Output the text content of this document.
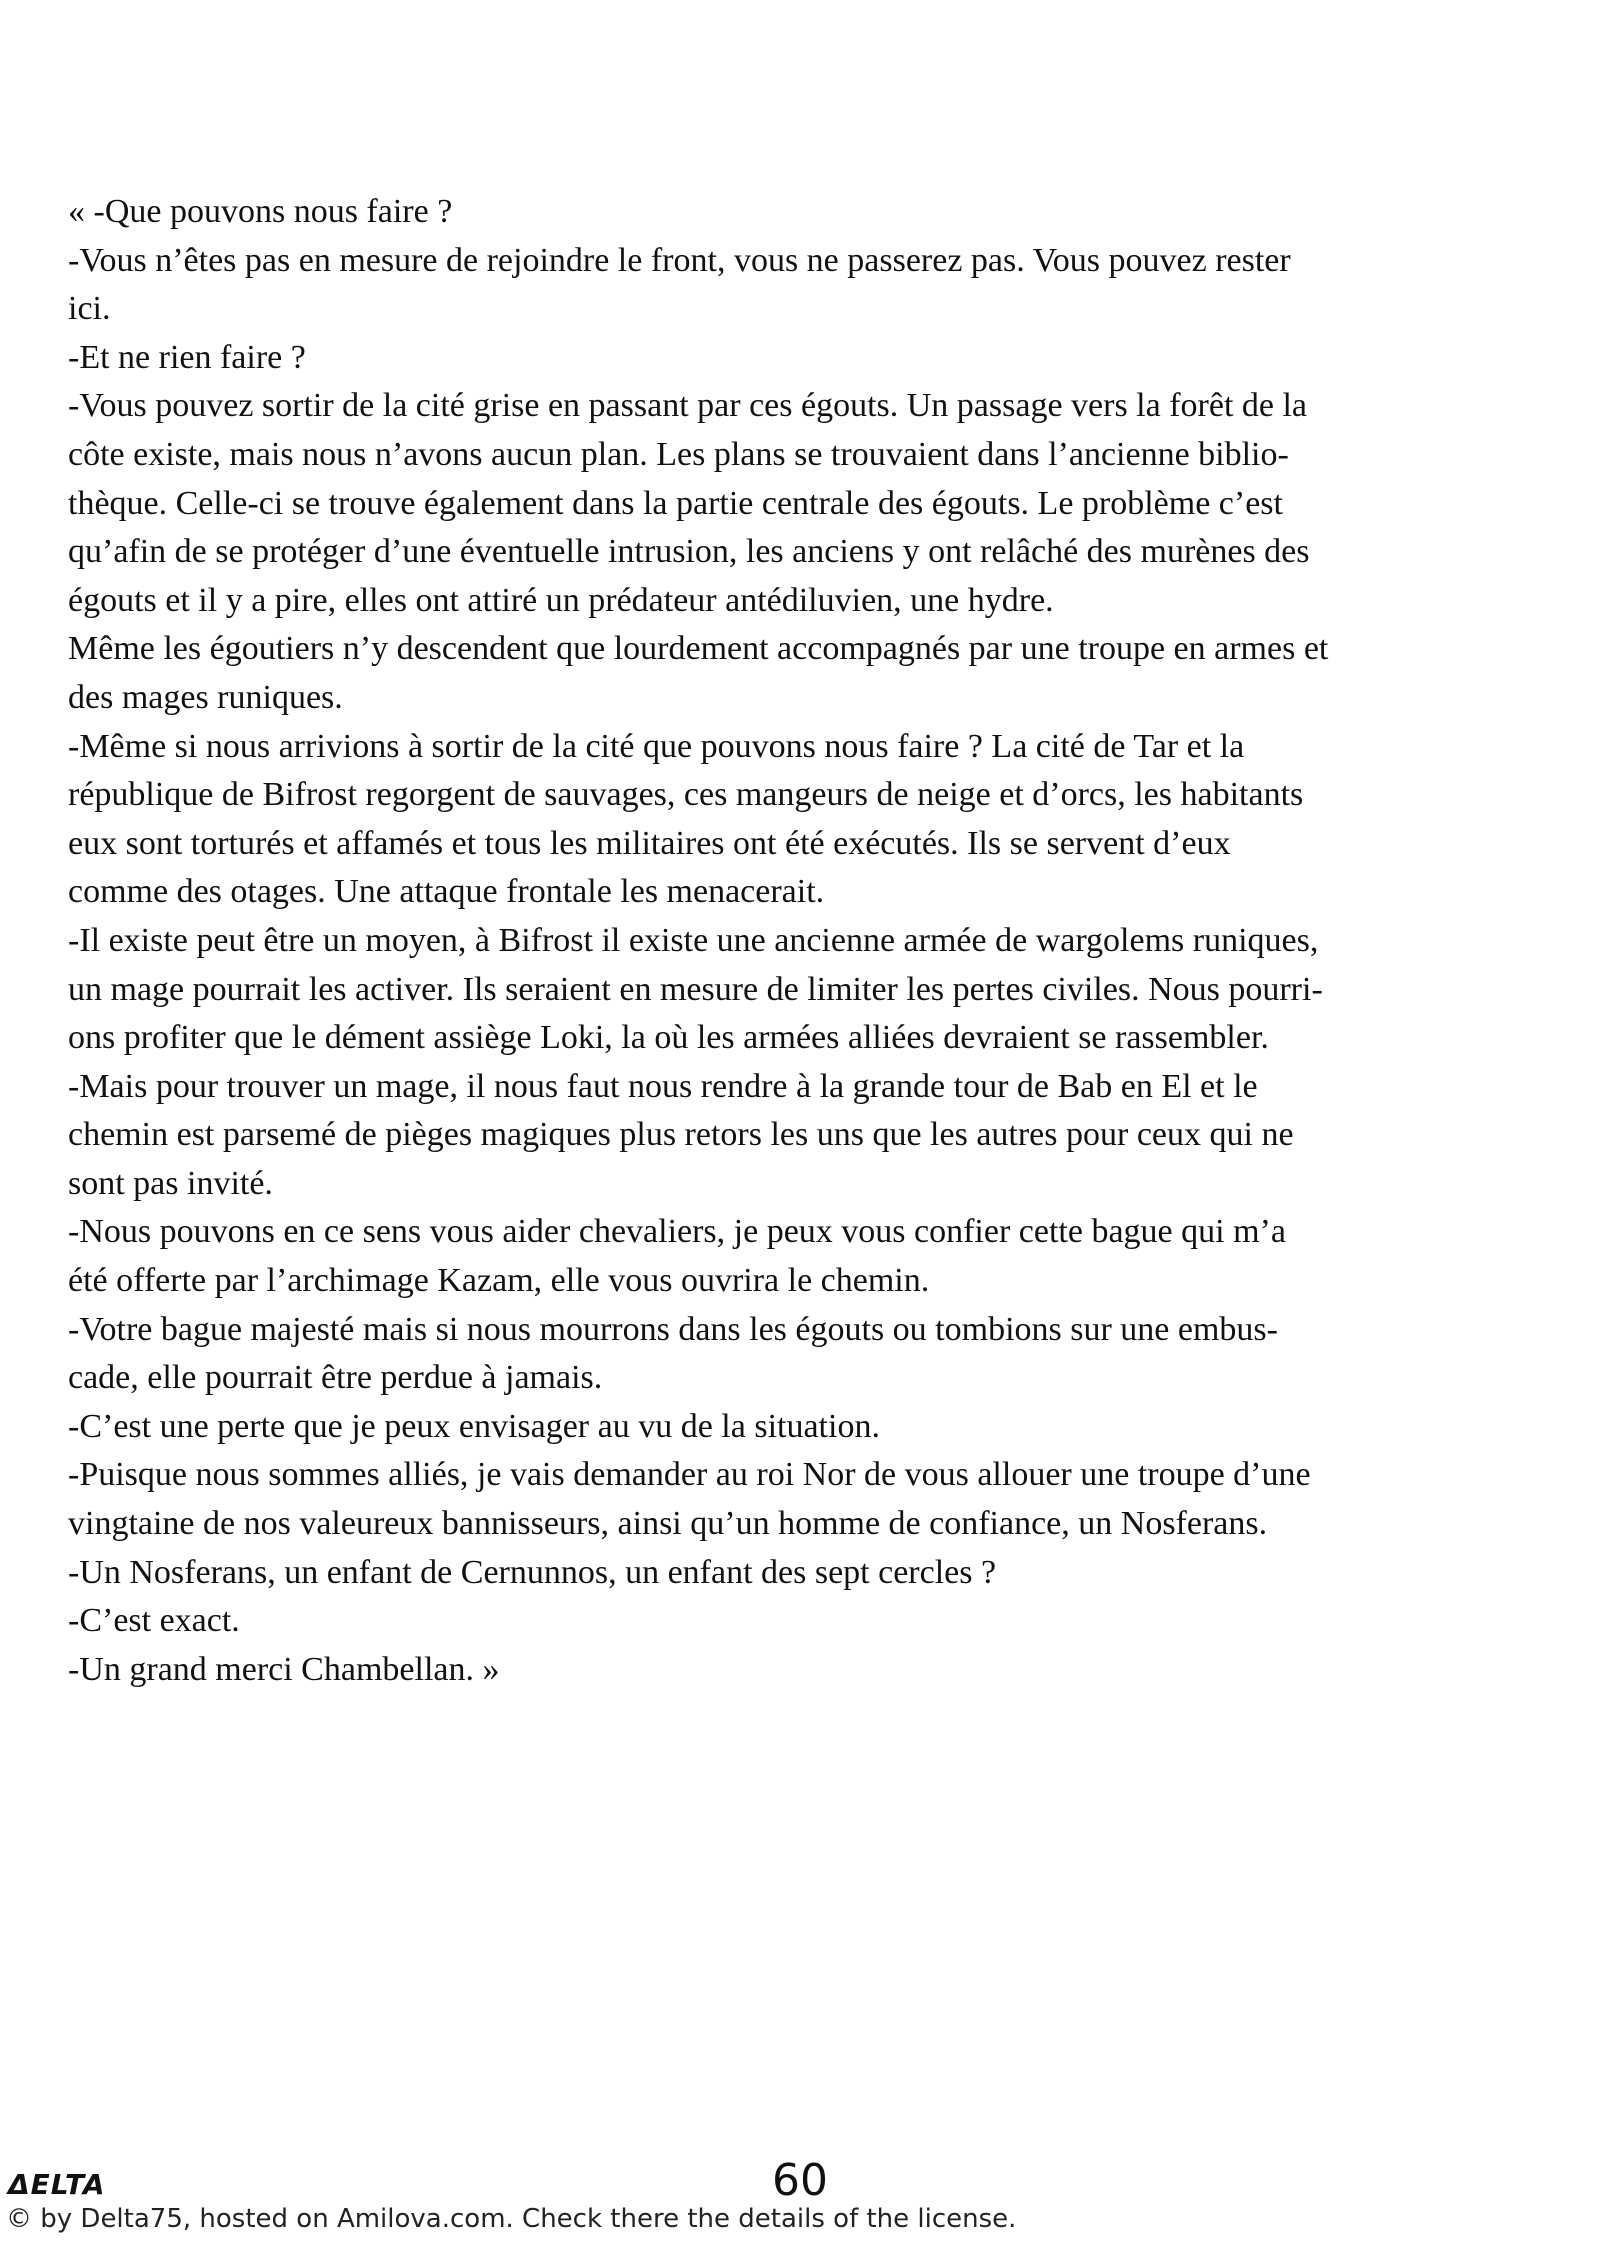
« -Que pouvons nous faire ?
-Vous n’êtes pas en mesure de rejoindre le front, vous ne passerez pas. Vous pouvez rester
ici.
-Et ne rien faire ?
-Vous pouvez sortir de la cité grise en passant par ces égouts. Un passage vers la forêt de la
côte existe, mais nous n’avons aucun plan. Les plans se trouvaient dans l’ancienne biblio-
thèque. Celle-ci se trouve également dans la partie centrale des égouts. Le problème c’est
qu’afin de se protéger d’une éventuelle intrusion, les anciens y ont relâché des murènes des
égouts et il y a pire, elles ont attiré un prédateur antédiluvien, une hydre.
Même les égoutiers n’y descendent que lourdement accompagnés par une troupe en armes et
des mages runiques.
-Même si nous arrivions à sortir de la cité que pouvons nous faire ? La cité de Tar et la
république de Bifrost regorgent de sauvages, ces mangeurs de neige et d’orcs, les habitants
eux sont torturés et affamés et tous les militaires ont été exécutés. Ils se servent d’eux
comme des otages. Une attaque frontale les menacerait.
-Il existe peut être un moyen, à Bifrost il existe une ancienne armée de wargolems runiques,
un mage pourrait les activer. Ils seraient en mesure de limiter les pertes civiles. Nous pourri-
ons profiter que le dément assiège Loki, la où les armées alliées devraient se rassembler.
-Mais pour trouver un mage, il nous faut nous rendre à la grande tour de Bab en El et le
chemin est parsemé de pièges magiques plus retors les uns que les autres pour ceux qui ne
sont pas invité.
-Nous pouvons en ce sens vous aider chevaliers, je peux vous confier cette bague qui m’a
été offerte par l’archimage Kazam, elle vous ouvrira le chemin.
-Votre bague majesté mais si nous mourrons dans les égouts ou tombions sur une embus-
cade, elle pourrait être perdue à jamais.
-C’est une perte que je peux envisager au vu de la situation.
-Puisque nous sommes alliés, je vais demander au roi Nor de vous allouer une troupe d’une
vingtaine de nos valeureux bannisseurs, ainsi qu’un homme de confiance, un Nosferans.
-Un Nosferans, un enfant de Cernunnos, un enfant des sept cercles ?
-C’est exact.
-Un grand merci Chambellan. »
ΔELTA	60
© by Delta75, hosted on Amilova.com. Check there the details of the license.
